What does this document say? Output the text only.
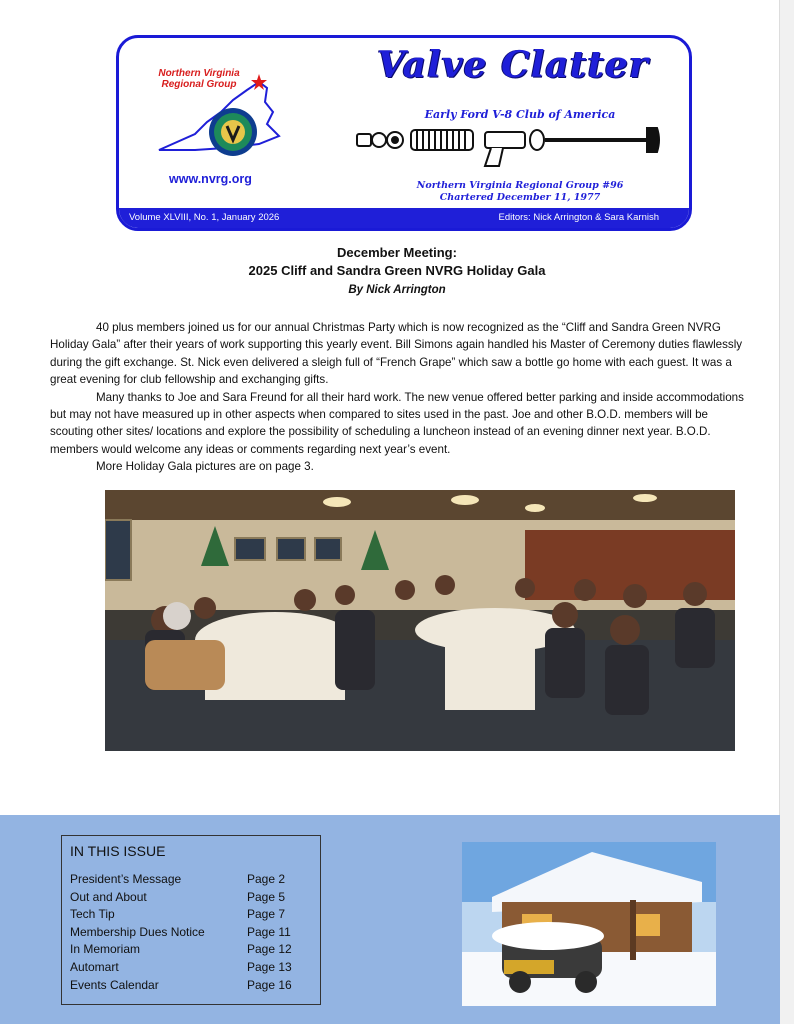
Northern Virginia Regional Group
www.nvrg.org
Valve Clatter
Early Ford V-8 Club of America
Northern Virginia Regional Group #96
Chartered December 11, 1977
Volume XLVIII, No. 1, January 2026	Editors: Nick Arrington & Sara Karnish
December Meeting:
2025 Cliff and Sandra Green NVRG Holiday Gala
By Nick Arrington

40 plus members joined us for our annual Christmas Party which is now recognized as the “Cliff and Sandra Green NVRG Holiday Gala” after their years of work supporting this yearly event. Bill Simons again handled his Master of Ceremony duties flawlessly during the gift exchange. St. Nick even delivered a sleigh full of “French Grape” which saw a bottle go home with each guest. It was a great evening for club fellowship and exchanging gifts.

Many thanks to Joe and Sara Freund for all their hard work. The new venue offered better parking and inside accommodations but may not have measured up in other aspects when compared to sites used in the past. Joe and other B.O.D. members will be scouting other sites/ locations and explore the possibility of scheduling a luncheon instead of an evening dinner next year. B.O.D. members would welcome any ideas or comments regarding next year’s event.

More Holiday Gala pictures are on page 3.

IN THIS ISSUE
President’s Message	Page 2
Out and About	Page 5
Tech Tip	Page 7
Membership Dues Notice	Page 11
In Memoriam	Page 12
Automart	Page 13
Events Calendar	Page 16
